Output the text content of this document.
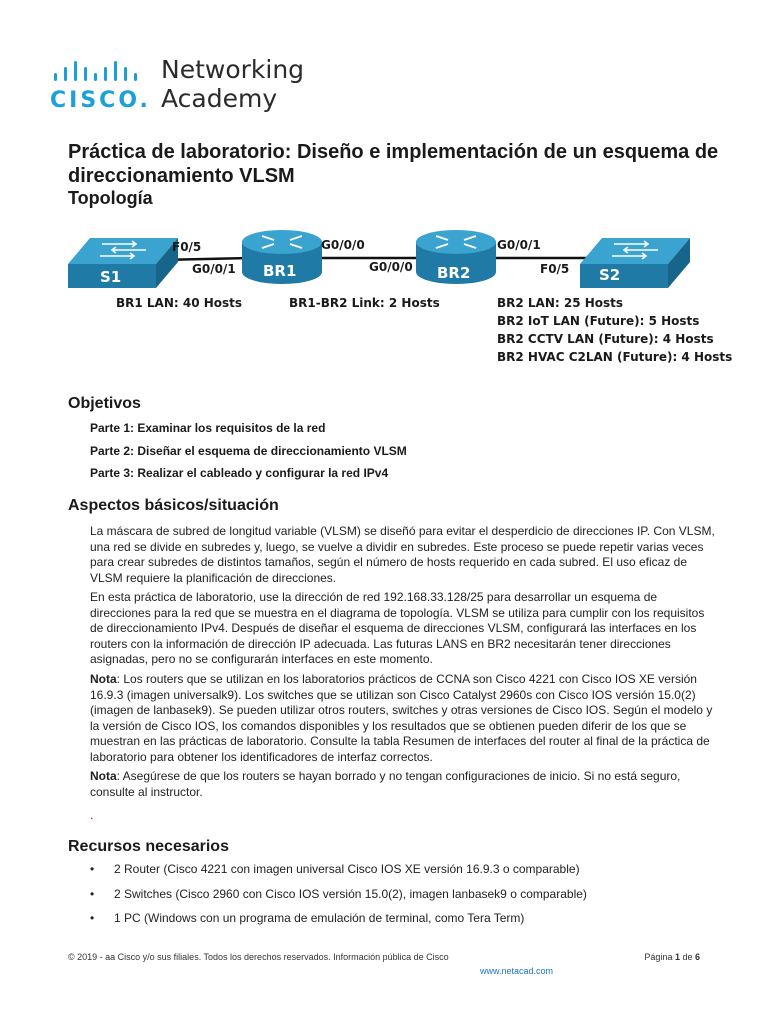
CISCO.
Networking
Academy
Práctica de laboratorio: Diseño e implementación de un esquema de direccionamiento VLSM
Topología
S1	BR1	BR2	S2
F0/5
G0/0/1
G0/0/0
G0/0/0
G0/0/1
F0/5
BR1 LAN: 40 Hosts	BR1-BR2 Link: 2 Hosts	BR2 LAN: 25 Hosts
BR2 IoT LAN (Future): 5 Hosts
BR2 CCTV LAN (Future): 4 Hosts
BR2 HVAC C2LAN (Future): 4 Hosts
Objetivos
Parte 1: Examinar los requisitos de la red
Parte 2: Diseñar el esquema de direccionamiento VLSM
Parte 3: Realizar el cableado y configurar la red IPv4
Aspectos básicos/situación

La máscara de subred de longitud variable (VLSM) se diseñó para evitar el desperdicio de direcciones IP. Con VLSM, una red se divide en subredes y, luego, se vuelve a dividir en subredes. Este proceso se puede repetir varias veces para crear subredes de distintos tamaños, según el número de hosts requerido en cada subred. El uso eficaz de VLSM requiere la planificación de direcciones.

En esta práctica de laboratorio, use la dirección de red 192.168.33.128/25 para desarrollar un esquema de direcciones para la red que se muestra en el diagrama de topología. VLSM se utiliza para cumplir con los requisitos de direccionamiento IPv4. Después de diseñar el esquema de direcciones VLSM, configurará las interfaces en los routers con la información de dirección IP adecuada. Las futuras LANS en BR2 necesitarán tener direcciones asignadas, pero no se configurarán interfaces en este momento.

Nota: Los routers que se utilizan en los laboratorios prácticos de CCNA son Cisco 4221 con Cisco IOS XE versión 16.9.3 (imagen universalk9). Los switches que se utilizan son Cisco Catalyst 2960s con Cisco IOS versión 15.0(2) (imagen de lanbasek9). Se pueden utilizar otros routers, switches y otras versiones de Cisco IOS. Según el modelo y la versión de Cisco IOS, los comandos disponibles y los resultados que se obtienen pueden diferir de los que se muestran en las prácticas de laboratorio. Consulte la tabla Resumen de interfaces del router al final de la práctica de laboratorio para obtener los identificadores de interfaz correctos.

Nota: Asegúrese de que los routers se hayan borrado y no tengan configuraciones de inicio. Si no está seguro, consulte al instructor.

.
Recursos necesarios
• 2 Router (Cisco 4221 con imagen universal Cisco IOS XE versión 16.9.3 o comparable)
• 2 Switches (Cisco 2960 con Cisco IOS versión 15.0(2), imagen lanbasek9 o comparable)
• 1 PC (Windows con un programa de emulación de terminal, como Tera Term)
© 2019 - aa Cisco y/o sus filiales. Todos los derechos reservados. Información pública de Cisco	Página 1 de 6
www.netacad.com
